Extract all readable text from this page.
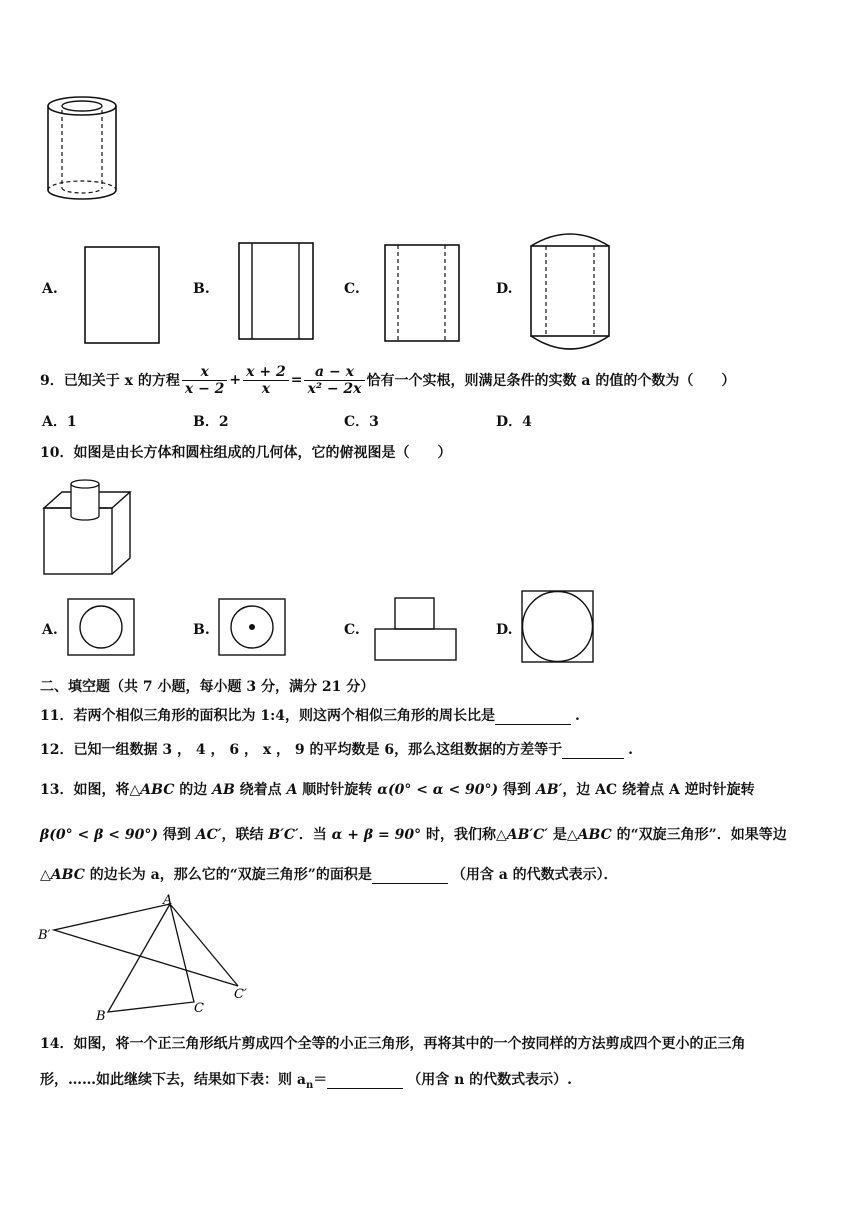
A.	B.	C.	D.
9．已知关于 x 的方程 $\frac{x}{x - 2} + \frac{x + 2}{x} = \frac{a - x}{\text{x² − 2x}}$ 恰有一个实根，则满足条件的实数 a 的值的个数为（　　）
A．1	B．2	C．3	D．4
10．如图是由长方体和圆柱组成的几何体，它的俯视图是（　　）
A.	B.	C.	D.
二、填空题（共 7 小题，每小题 3 分，满分 21 分）
11．若两个相似三角形的面积比为 1:4，则这两个相似三角形的周长比是	.
12．已知一组数据 3 ， 4 ， 6 ， x ， 9 的平均数是 6，那么这组数据的方差等于	.
13．如图，将△ABC 的边 AB 绕着点 A 顺时针旋转 α(0° < α < 90°) 得到 AB′，边 AC 绕着点 A 逆时针旋转
β(0° < β < 90°) 得到 AC′，联结 B′C′．当 α + β = 90° 时，我们称△AB′C′ 是△ABC 的“双旋三角形”．如果等边
△ABC 的边长为 a，那么它的“双旋三角形”的面积是	（用含 a 的代数式表示）．
A
B′
B
C
C′
14．如图，将一个正三角形纸片剪成四个全等的小正三角形，再将其中的一个按同样的方法剪成四个更小的正三角
形，……如此继续下去，结果如下表：则 $a_n=$	（用含 n 的代数式表示）.
